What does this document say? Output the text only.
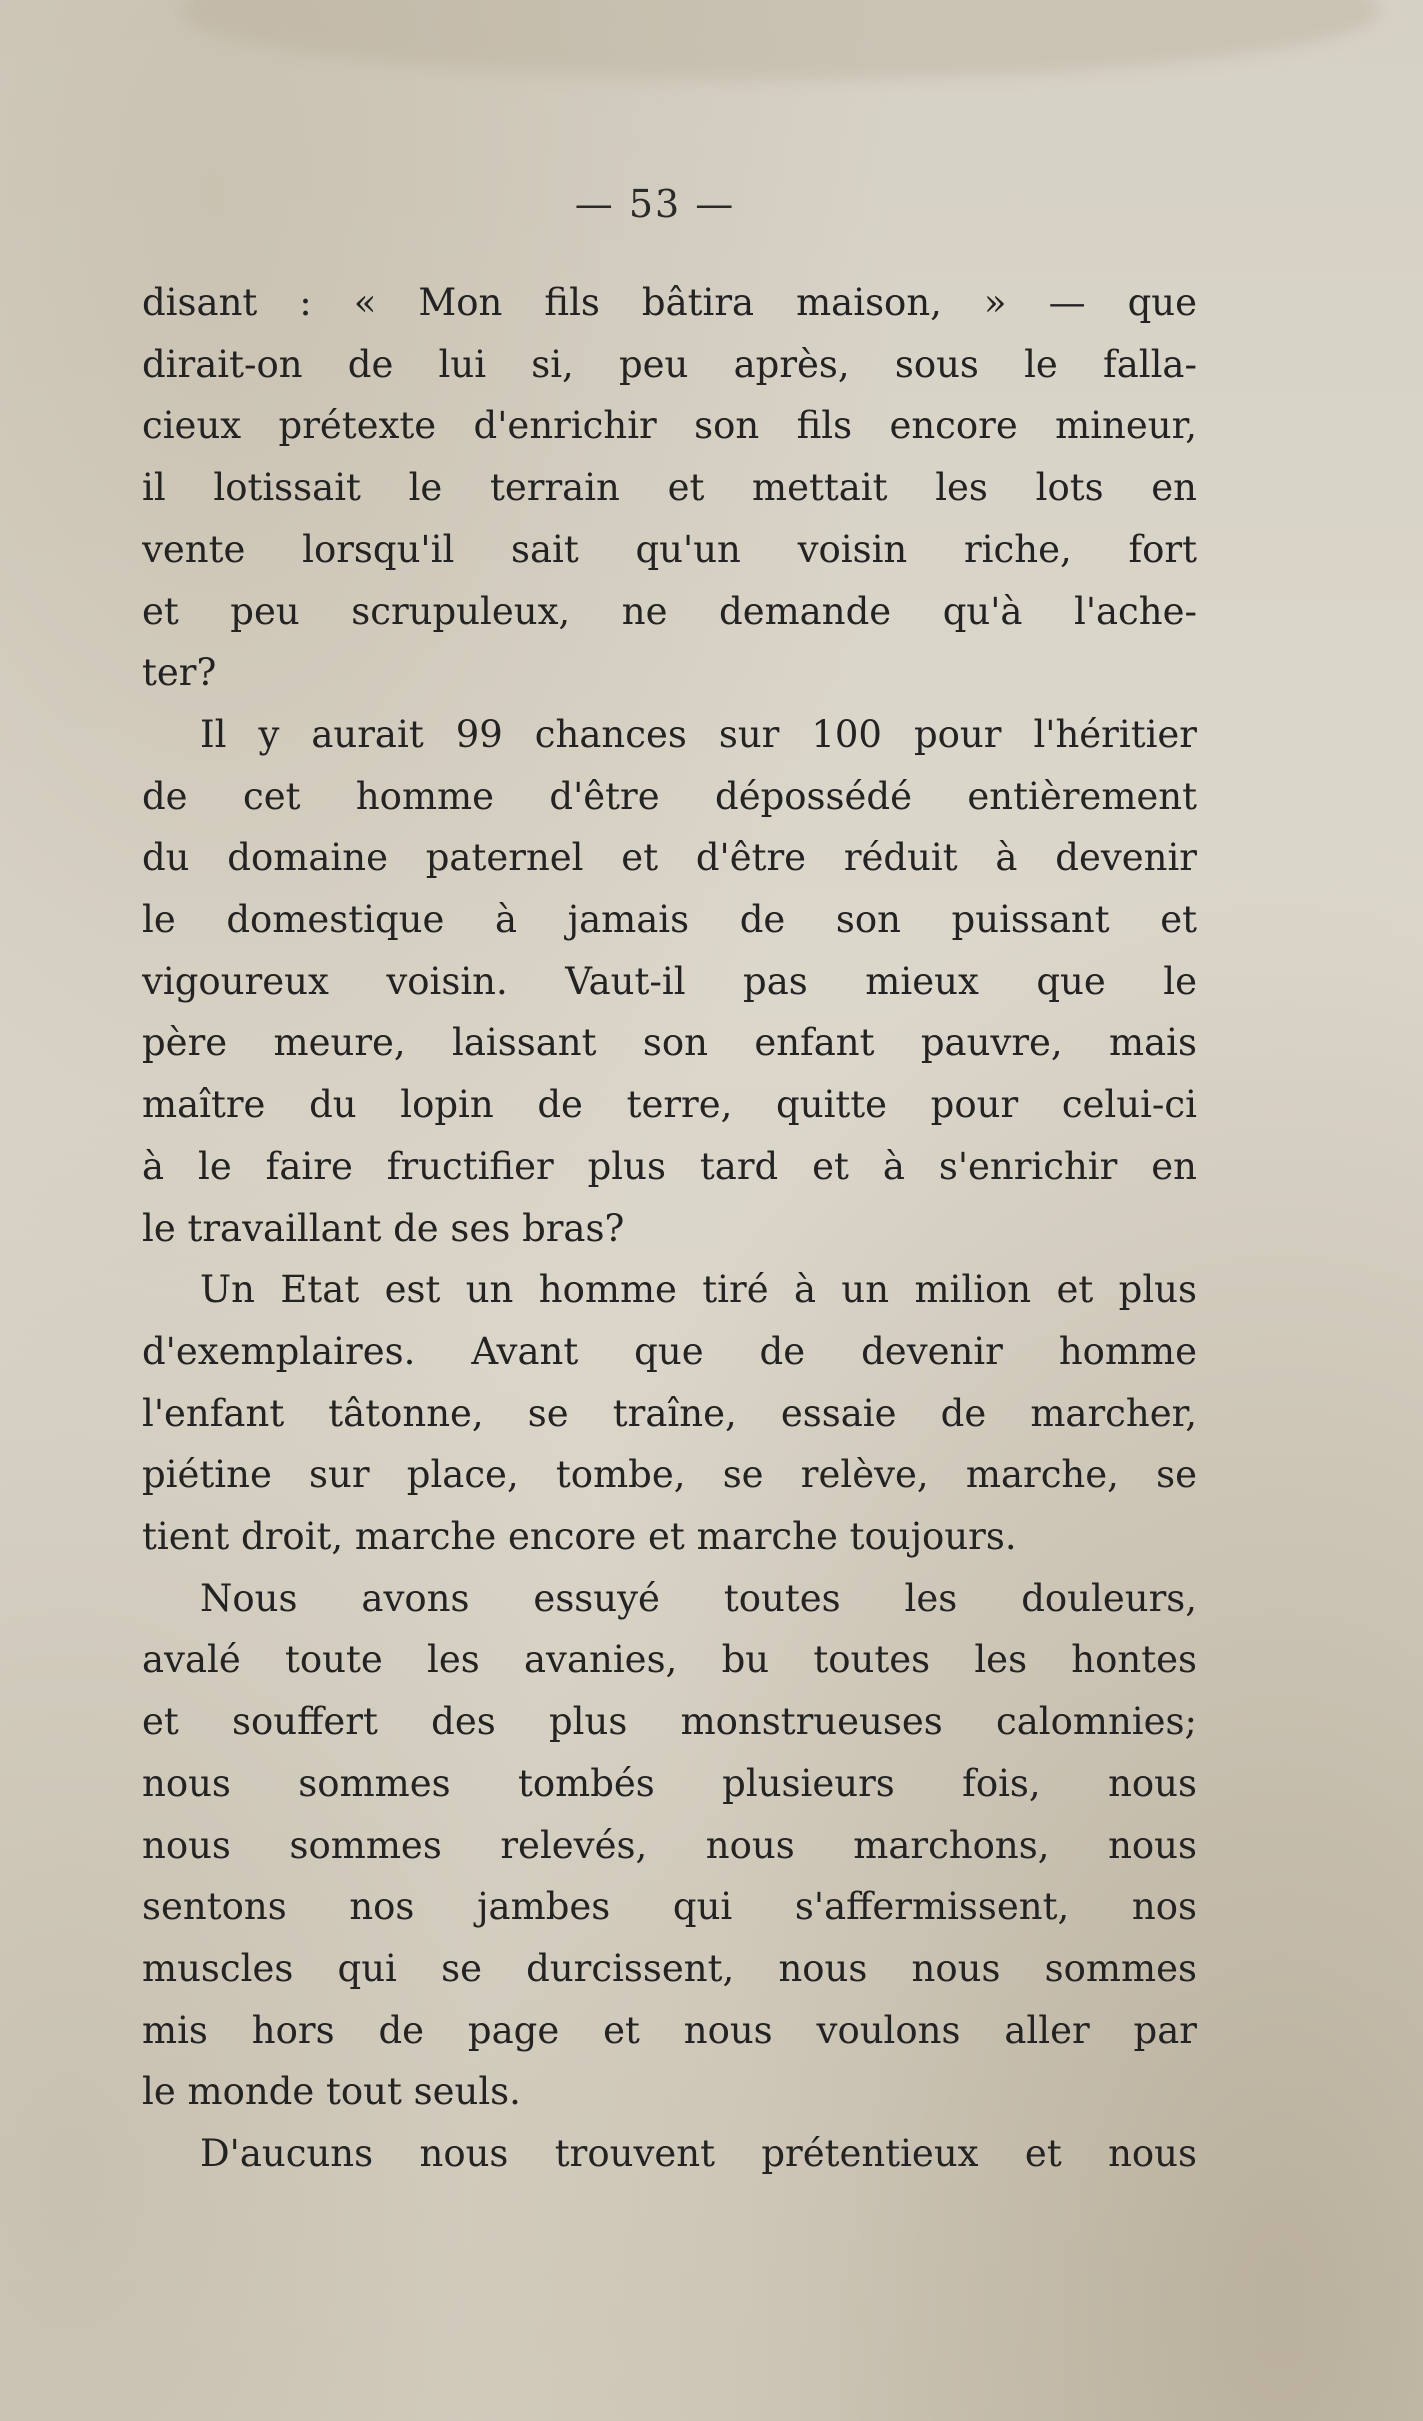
— 53 —
disant : « Mon fils bâtira maison, » — que
dirait-on de lui si, peu après, sous le falla-
cieux prétexte d'enrichir son fils encore mineur,
il lotissait le terrain et mettait les lots en
vente lorsqu'il sait qu'un voisin riche, fort
et peu scrupuleux, ne demande qu'à l'ache-
ter?
Il y aurait 99 chances sur 100 pour l'héritier
de cet homme d'être dépossédé entièrement
du domaine paternel et d'être réduit à devenir
le domestique à jamais de son puissant et
vigoureux voisin. Vaut-il pas mieux que le
père meure, laissant son enfant pauvre, mais
maître du lopin de terre, quitte pour celui-ci
à le faire fructifier plus tard et à s'enrichir en
le travaillant de ses bras?
Un Etat est un homme tiré à un milion et plus
d'exemplaires. Avant que de devenir homme
l'enfant tâtonne, se traîne, essaie de marcher,
piétine sur place, tombe, se relève, marche, se
tient droit, marche encore et marche toujours.
Nous avons essuyé toutes les douleurs,
avalé toute les avanies, bu toutes les hontes
et souffert des plus monstrueuses calomnies;
nous sommes tombés plusieurs fois, nous
nous sommes relevés, nous marchons, nous
sentons nos jambes qui s'affermissent, nos
muscles qui se durcissent, nous nous sommes
mis hors de page et nous voulons aller par
le monde tout seuls.
D'aucuns nous trouvent prétentieux et nous
